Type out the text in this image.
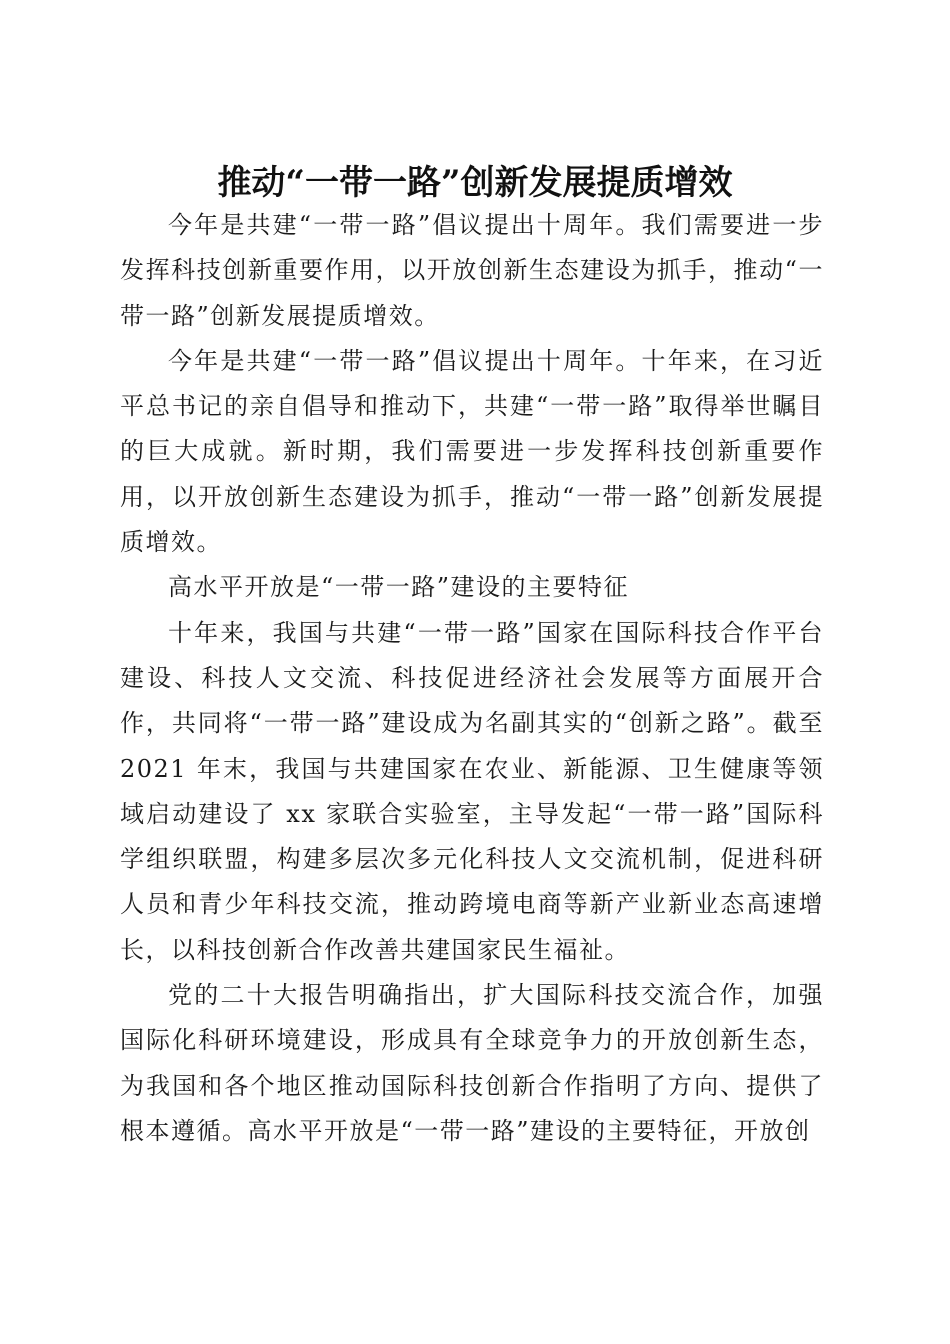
推动“一带一路”创新发展提质增效

今年是共建“一带一路”倡议提出十周年。我们需要进一步发挥科技创新重要作用，以开放创新生态建设为抓手，推动“一带一路”创新发展提质增效。

今年是共建“一带一路”倡议提出十周年。十年来，在习近平总书记的亲自倡导和推动下，共建“一带一路”取得举世瞩目的巨大成就。新时期，我们需要进一步发挥科技创新重要作用，以开放创新生态建设为抓手，推动“一带一路”创新发展提质增效。

高水平开放是“一带一路”建设的主要特征

十年来，我国与共建“一带一路”国家在国际科技合作平台建设、科技人文交流、科技促进经济社会发展等方面展开合作，共同将“一带一路”建设成为名副其实的“创新之路”。截至 2021 年末，我国与共建国家在农业、新能源、卫生健康等领域启动建设了 xx 家联合实验室，主导发起“一带一路”国际科学组织联盟，构建多层次多元化科技人文交流机制，促进科研人员和青少年科技交流，推动跨境电商等新产业新业态高速增长，以科技创新合作改善共建国家民生福祉。

党的二十大报告明确指出，扩大国际科技交流合作，加强国际化科研环境建设，形成具有全球竞争力的开放创新生态，为我国和各个地区推动国际科技创新合作指明了方向、提供了根本遵循。高水平开放是“一带一路”建设的主要特征，开放创
